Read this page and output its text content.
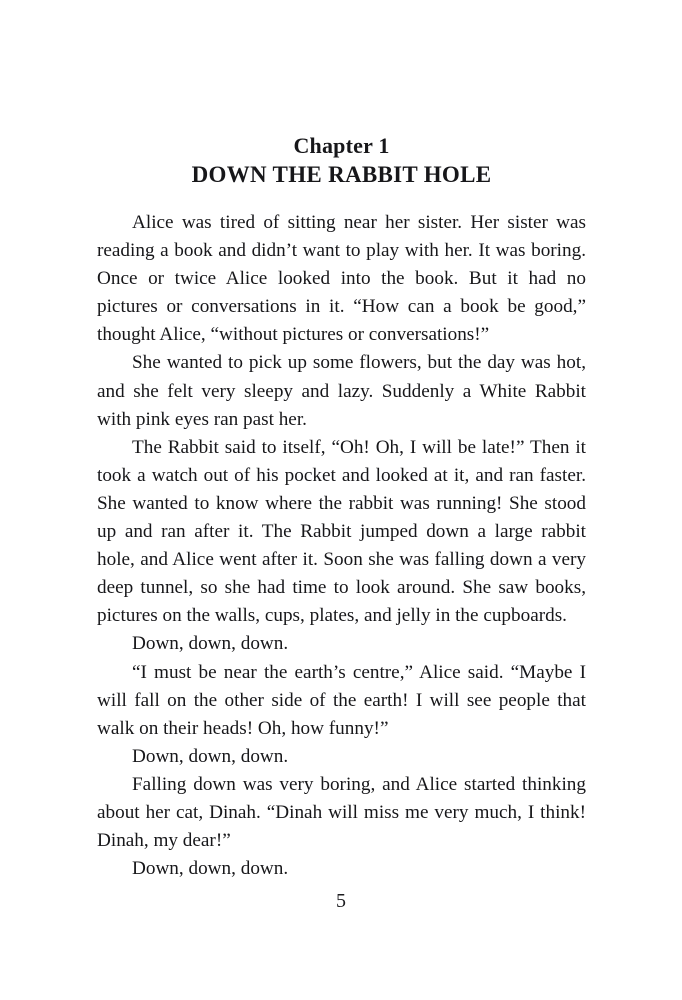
Chapter 1
DOWN THE RABBIT HOLE

Alice was tired of sitting near her sister. Her sister was reading a book and didn’t want to play with her. It was boring. Once or twice Alice looked into the book. But it had no pictures or conversations in it. “How can a book be good,” thought Alice, “without pictures or conversations!”

She wanted to pick up some flowers, but the day was hot, and she felt very sleepy and lazy. Suddenly a White Rabbit with pink eyes ran past her.

The Rabbit said to itself, “Oh! Oh, I will be late!” Then it took a watch out of his pocket and looked at it, and ran faster. She wanted to know where the rabbit was running! She stood up and ran after it. The Rabbit jumped down a large rabbit hole, and Alice went after it. Soon she was falling down a very deep tunnel, so she had time to look around. She saw books, pictures on the walls, cups, plates, and jelly in the cupboards.

Down, down, down.

“I must be near the earth’s centre,” Alice said. “Maybe I will fall on the other side of the earth! I will see people that walk on their heads! Oh, how funny!”

Down, down, down.

Falling down was very boring, and Alice started thinking about her cat, Dinah. “Dinah will miss me very much, I think! Dinah, my dear!”

Down, down, down.

5
